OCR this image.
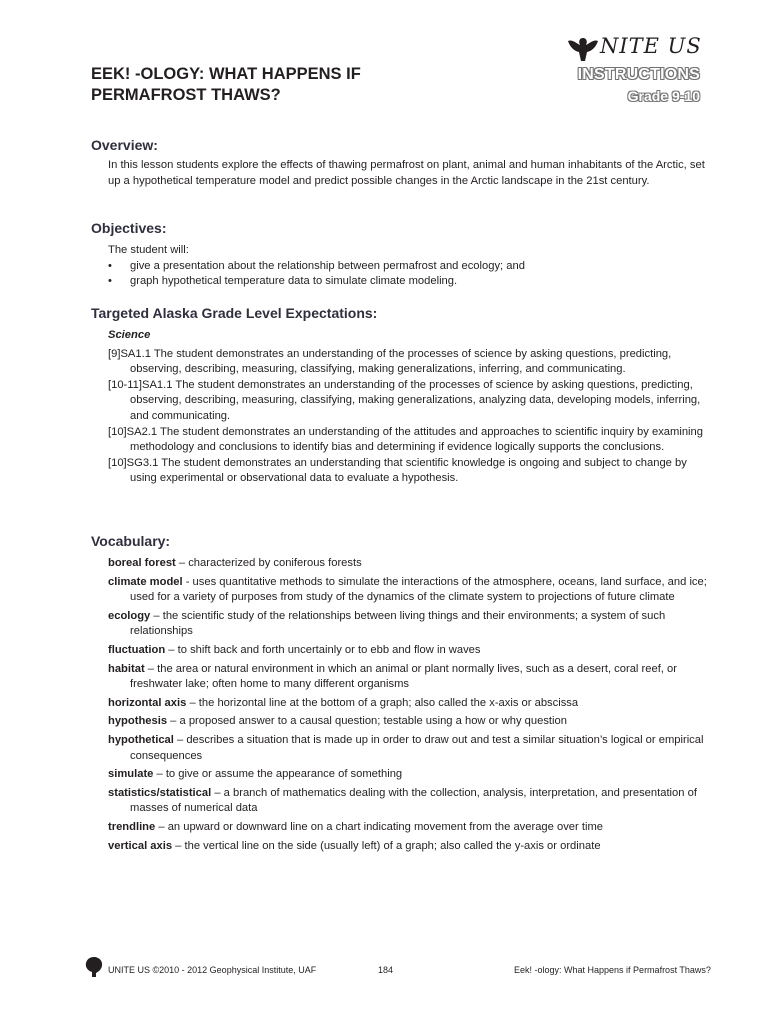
NITE US
INSTRUCTIONS
Grade 9-10
EEK! -OLOGY: WHAT HAPPENS IF
PERMAFROST THAWS?
Overview:

In this lesson students explore the effects of thawing permafrost on plant, animal and human inhabitants of the Arctic, set up a hypothetical temperature model and predict possible changes in the Arctic landscape in the 21st century.

Objectives:

The student will:

•	give a presentation about the relationship between permafrost and ecology; and
•	graph hypothetical temperature data to simulate climate modeling.
Targeted Alaska Grade Level Expectations:
Science

[9]SA1.1 The student demonstrates an understanding of the processes of science by asking questions, predicting, observing, describing, measuring, classifying, making generalizations, inferring, and communicating.

[10-11]SA1.1 The student demonstrates an understanding of the processes of science by asking questions, predicting, observing, describing, measuring, classifying, making generalizations, analyzing data, developing models, inferring, and communicating.

[10]SA2.1 The student demonstrates an understanding of the attitudes and approaches to scientific inquiry by examining methodology and conclusions to identify bias and determining if evidence logically supports the conclusions.

[10]SG3.1 The student demonstrates an understanding that scientific knowledge is ongoing and subject to change by using experimental or observational data to evaluate a hypothesis.

Vocabulary:

boreal forest – characterized by coniferous forests

climate model - uses quantitative methods to simulate the interactions of the atmosphere, oceans, land surface, and ice; used for a variety of purposes from study of the dynamics of the climate system to projections of future climate

ecology – the scientific study of the relationships between living things and their environments; a system of such relationships

fluctuation – to shift back and forth uncertainly or to ebb and flow in waves

habitat – the area or natural environment in which an animal or plant normally lives, such as a desert, coral reef, or freshwater lake; often home to many different organisms

horizontal axis – the horizontal line at the bottom of a graph; also called the x-axis or abscissa

hypothesis – a proposed answer to a causal question; testable using a how or why question

hypothetical – describes a situation that is made up in order to draw out and test a similar situation’s logical or empirical consequences

simulate – to give or assume the appearance of something

statistics/statistical – a branch of mathematics dealing with the collection, analysis, interpretation, and presentation of masses of numerical data

trendline – an upward or downward line on a chart indicating movement from the average over time

vertical axis – the vertical line on the side (usually left) of a graph; also called the y-axis or ordinate

UNITE US ©2010 - 2012 Geophysical Institute, UAF	184	Eek! -ology: What Happens if Permafrost Thaws?
